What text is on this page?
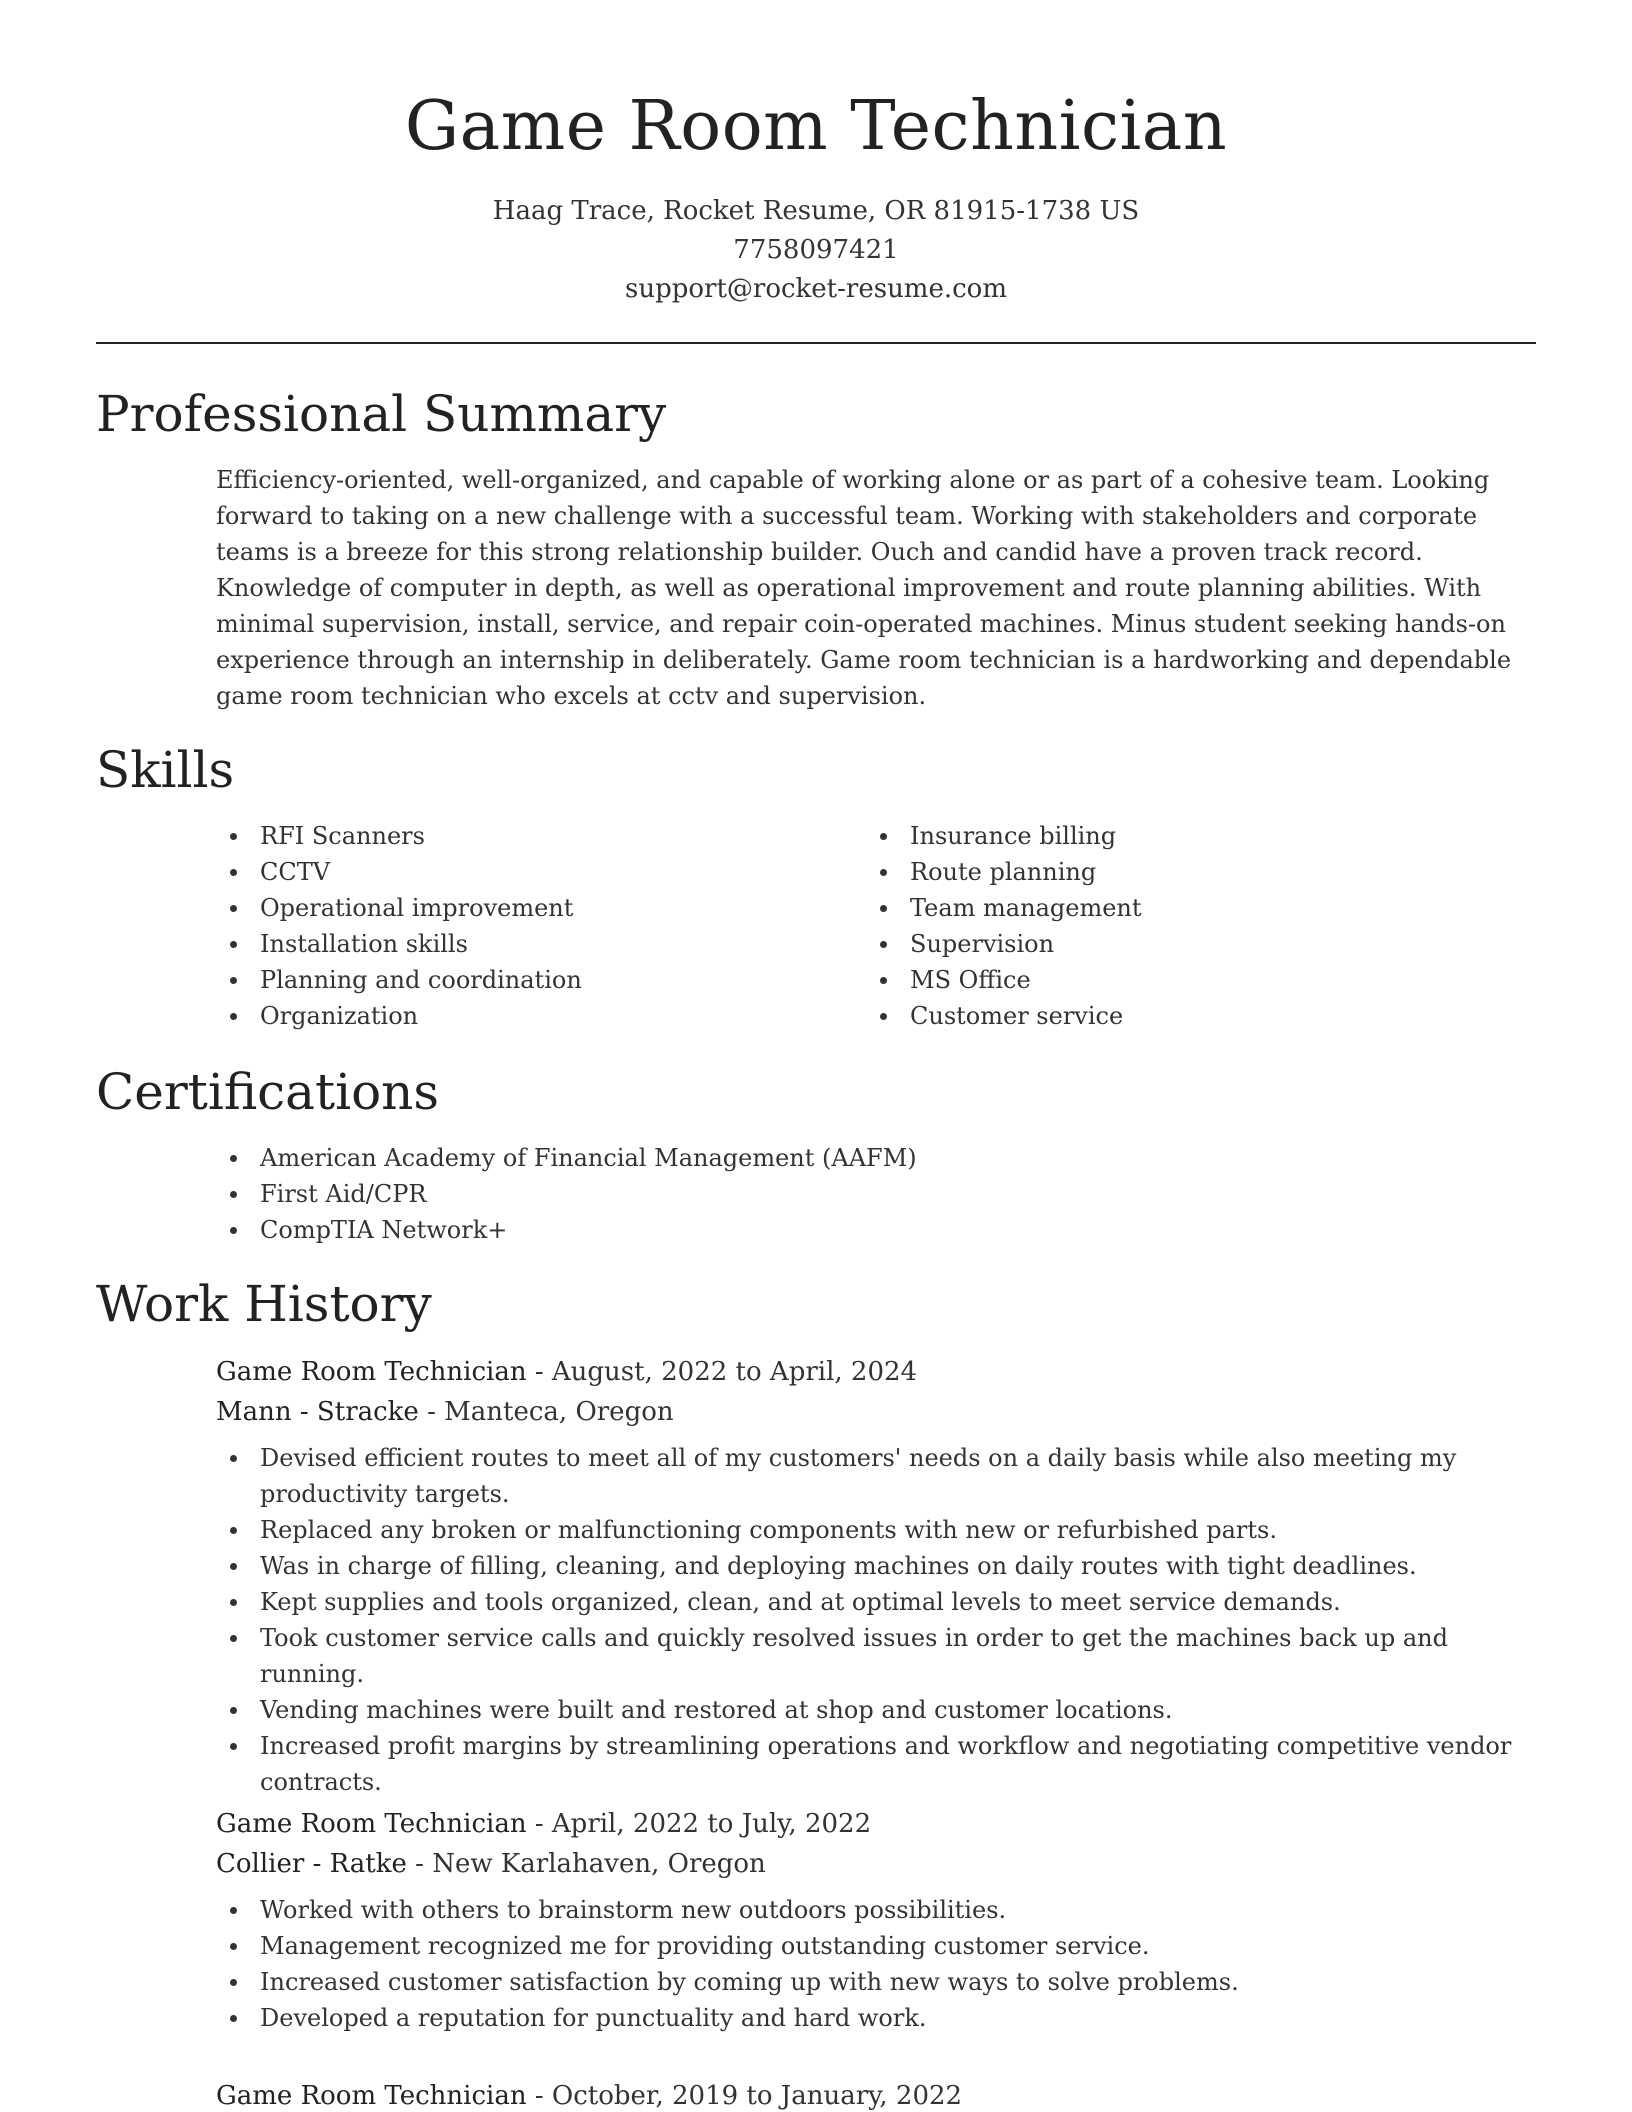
Game Room Technician
Haag Trace, Rocket Resume, OR 81915-1738 US
7758097421
support@rocket-resume.com
Professional Summary

Efficiency-oriented, well-organized, and capable of working alone or as part of a cohesive team. Looking forward to taking on a new challenge with a successful team. Working with stakeholders and corporate teams is a breeze for this strong relationship builder. Ouch and candid have a proven track record. Knowledge of computer in depth, as well as operational improvement and route planning abilities. With minimal supervision, install, service, and repair coin-operated machines. Minus student seeking hands-on experience through an internship in deliberately. Game room technician is a hardworking and dependable game room technician who excels at cctv and supervision.

Skills
RFI Scanners
CCTV
Operational improvement
Installation skills
Planning and coordination
Organization
Insurance billing
Route planning
Team management
Supervision
MS Office
Customer service
Certifications
American Academy of Financial Management (AAFM)
First Aid/CPR
CompTIA Network+
Work History
Game Room Technician - August, 2022 to April, 2024
Mann - Stracke - Manteca, Oregon
Devised efficient routes to meet all of my customers' needs on a daily basis while also meeting my productivity targets.
Replaced any broken or malfunctioning components with new or refurbished parts.
Was in charge of filling, cleaning, and deploying machines on daily routes with tight deadlines.
Kept supplies and tools organized, clean, and at optimal levels to meet service demands.
Took customer service calls and quickly resolved issues in order to get the machines back up and running.
Vending machines were built and restored at shop and customer locations.
Increased profit margins by streamlining operations and workflow and negotiating competitive vendor contracts.
Game Room Technician - April, 2022 to July, 2022
Collier - Ratke - New Karlahaven, Oregon
Worked with others to brainstorm new outdoors possibilities.
Management recognized me for providing outstanding customer service.
Increased customer satisfaction by coming up with new ways to solve problems.
Developed a reputation for punctuality and hard work.
Game Room Technician - October, 2019 to January, 2022
